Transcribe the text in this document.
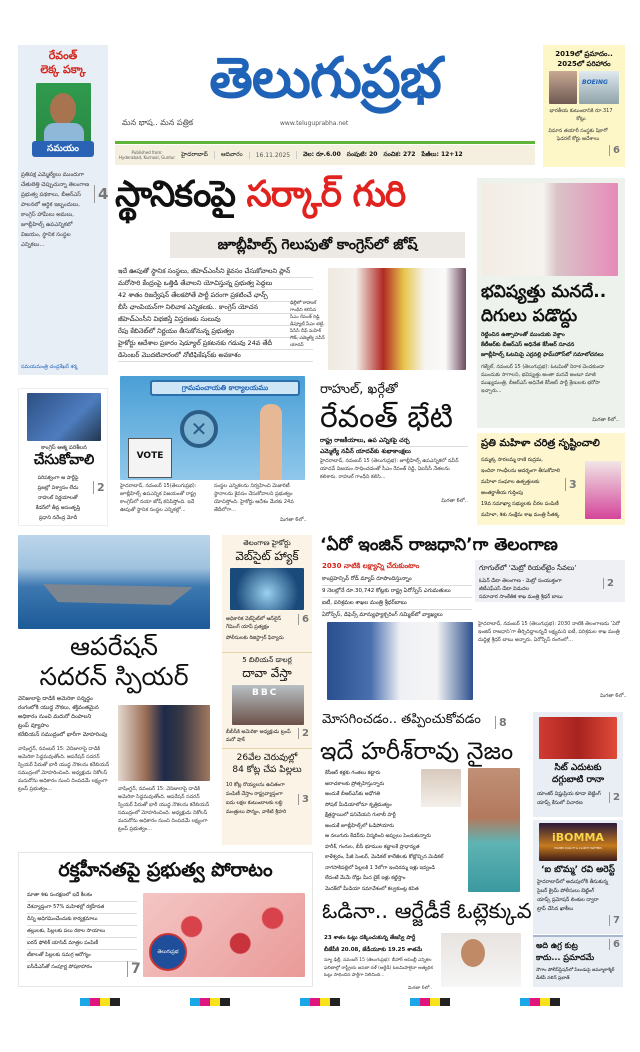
రేవంత్
లెక్క పక్కా
సమయం
ప్రతిపక్ష ఎమ్మెల్యేలు ముందుగా చేతులెత్తి చెప్పుచున్నా తెలంగాణ ప్రభుత్వ పథకాలు, బీఆర్ఎస్ పాలనలో ఆర్థిక ఇబ్బందులు, కాంగ్రెస్ హామీలు అమలు, జూబ్లీహిల్స్ ఉపఎన్నికలో విజయం, స్థానిక సంస్థల ఎన్నికలు...
4
సమయమంత్రి చంద్రశేఖర్ శర్మ
తెలుగుప్రభ
మన భాష.. మన పత్రిక	www.teluguprabha.net
Published from:
Hyderabad, Kurnool, Guntur హైదరాబాద్	ఆదివారం	16.11.2025	వెల: రూ.6.00 సంపుటి: 20 సంచిక: 272 పేజీలు: 12+12
2019లో ప్రమాదం..
2025లో పరిహారం
BOEING
భారతీయ కుటుంబానికి రూ.317 కోట్లు
విమాన తయారీ సంస్థకు షికాగో ఫెడరల్ కోర్టు ఆదేశాలు
6
స్థానికంపై సర్కార్ గురి
జూబ్లీహిల్స్ గెలుపుతో కాంగ్రెస్‌లో జోష్
ఇదే ఊపుతో స్థానిక సంస్థలు, జీహెచ్ఎంసీని కైవసం చేసుకోవాలని ప్లాన్
మరోసారి కేంద్రంపై ఒత్తిడి తేవాలని యోచిస్తున్న ప్రభుత్వ పెద్దలు
42 శాతం రిజర్వేషన్ తేలకపోతే పార్టీ పరంగా ప్రకటించే ఛాన్స్
బీసీ ఛాంపియన్‌గా నిలిచాక ఎన్నికలకు.. కాంగ్రెస్ యోచన
జీహెచ్ఎంసీని విభజిస్తే విస్తరణకు సులువు
రేపు కేబినెట్‌లో నిర్ణయం తీసుకోనున్న ప్రభుత్వం
హైకోర్టు ఆదేశాల ప్రకారం షెడ్యూల్ ప్రకటనకు గడువు 24వ తేదీ
డిసెంబర్ మొదటివారంలో నోటిఫికేషన్‌కు అవకాశం
ఢిల్లీలో రాహుల్ గాంధీని కలిసిన సీఎం రేవంత్ రెడ్డి, డిప్యూటీ సీఎం భట్టి, పీసీసీ చీఫ్ మహేశ్ గౌడ్, ఎమ్మెల్యే నవీన్ యాదవ్
భవిష్యత్తు మనదే..
దిగులు పడొద్దు
రెట్టించిన ఉత్సాహంతో ముందుకు వెళ్దాం
కేటీఆర్‌కు బీఆర్ఎస్ అధినేత కేసీఆర్ సూచన
జూబ్లీహిల్స్ ఓటమిపై ఎర్రవల్లి ఫామ్‌హౌస్‌లో సమాలోచనలు
గజ్వేల్, నవంబర్ 15 (తెలుగుప్రభ): ఓటమితో నిరాశ చెందకుండా ముందుకు సాగాలని, భవిష్యత్తు అంతా మనదే అంటూ మాజీ ముఖ్యమంత్రి, బీఆర్ఎస్ అధినేత కేసీఆర్ పార్టీ శ్రేణులకు భరోసా ఇచ్చారు...
మిగతా 6లో..
ప్రతి మహిళా చరిత్ర సృష్టించాలి
సమ్మక్క సారలమ్మ రాణి రుద్రమ,
ఇందిరా గాంధీలను ఆదర్శంగా తీసుకోవాలి
మహిళా సంఘాల ఉత్పత్తులకు
అంతర్జాతీయ గుర్తింపు
19వ సమాఖ్యా సభ్యులకు చీరల పంపిణీ
మహిళా, శిశు సంక్షేమ శాఖ మంత్రి సీతక్క
3
కాంగ్రెస్ ఆత్మ పరిశీలన
చేసుకోవాలి
పరిపక్వంగా ఆ పార్టీపై
ప్రజల్లో విశ్వాసం లేదు
రాహుల్ నిర్ణయాలతో
కేడర్‌లో తీవ్ర అసంతృప్తి
ప్రధాని నరేంద్ర మోదీ
2
గ్రామపంచాయతి కార్యాలయము
VOTE
✕
హైదరాబాద్, నవంబర్ 15(తెలుగుప్రభ): జూబ్లీహిల్స్ ఉపఎన్నిక విజయంతో రాష్ట్ర కాంగ్రెస్‌లో నయా జోష్ కనిపిస్తోంది. ఇదే ఊపుతో స్థానిక సంస్థల ఎన్నికల్లో...
సంస్థల ఎన్నికలను నిర్వహించి మెజారిటీ స్థానాలను కైవసం చేసుకోవాలని ప్రభుత్వం యోచిస్తోంది. హైకోర్టు ఆదేశం మేరకు 24వ తేదీలోగా...
మిగతా 6లో..
రాహుల్, ఖర్గేతో
రేవంత్ భేటి
రాష్ట్ర రాజకీయాలు, ఉప ఎన్నికపై చర్చ
ఎమ్మెల్యే నవీన్ యాదవ్‌కు శుభాకాంక్షలు
హైదరాబాద్, నవంబర్ 15 (తెలుగుప్రభ): జూబ్లీహిల్స్ ఉపఎన్నికలో నవీన్ యాదవ్ విజయం సాధించడంతో సీఎం రేవంత్ రెడ్డి, ఏఐసీసీ నేతలను కలిశారు. రాహుల్ గాంధీని కలిసి...
మిగతా 6లో..
ఆపరేషన్
సదరన్ స్పియర్
వెనిజులాపై దాడికి అమెరికా సన్నద్ధం
రంగంలోకి యుద్ధ నౌకలు, శక్తివంతమైన
అధికారం నుంచి మదురో దింపాలని
ట్రంప్ వ్యూహం
కరేబియన్ సముద్రంలో భారీగా మోహరింపు
వాషింగ్టన్, నవంబర్ 15: వెనిజులాపై దాడికి అమెరికా సిద్ధమవుతోంది. ఆపరేషన్ సదరన్ స్పియర్ పేరుతో భారీ యుద్ధ నౌకలను కరేబియన్ సముద్రంలో మోహరించింది. అధ్యక్షుడు నికోలస్ మదురోను అధికారం నుంచి దింపడమే లక్ష్యంగా ట్రంప్ ప్రభుత్వం...	వాషింగ్టన్, నవంబర్ 15: వెనిజులాపై దాడికి అమెరికా సిద్ధమవుతోంది. ఆపరేషన్ సదరన్ స్పియర్ పేరుతో భారీ యుద్ధ నౌకలను కరేబియన్ సముద్రంలో మోహరించింది. అధ్యక్షుడు నికోలస్ మదురోను అధికారం నుంచి దింపడమే లక్ష్యంగా ట్రంప్ ప్రభుత్వం...
తెలంగాణ హైకోర్టు
వెబ్‌సైట్ హ్యాక్
అధికారిక వెబ్‌సైట్‌లో ఆన్‌లైన్ గేమింగ్ యాప్ ప్రత్యక్షం
పోలీసులకు రిజిస్ట్రార్ ఫిర్యాదు
6
5 బిలియన్ డాలర్ల
దావా వేస్తా
BBC
బీబీసీకి అమెరికా అధ్యక్షుడు ట్రంప్ మరో షాక్
2
26వేల చెరువుల్లో
84 కోట్ల చేప పిల్లలు
10 కోట్ల రొయ్యలను ఉచితంగా పంపిణీ చేస్తాం రాష్ట్రవ్యాప్తంగా ఐదు లక్షల కుటుంబాలకు లబ్ధి మంత్రులు పొన్నం, వాకిటి శ్రీహరి
3
‘ఏరో ఇంజిన్ రాజధాని’గా తెలంగాణ
2030 నాటికి లక్ష్యాన్ని చేరుకుంటాం
కాంప్రహెన్సివ్ రోడ్ మ్యాప్ రూపొందిస్తున్నాం
9 నెలల్లోనే రూ.30,742 కోట్లకు రాష్ట్ర ఏరోస్పేస్ ఎగుమతులు
ఐటీ, పరిశ్రమల శాఖల మంత్రి శ్రీధర్‌బాబు
ఏరోస్పేస్, డిఫెన్స్ మాన్యుఫ్యాక్చరింగ్ సమ్మిట్‌లో వ్యాఖ్యలు
గూగుల్‌లో ‘మెట్రో రియల్‌టైం సేవలు’
ఓపెన్ డేటా తెలంగాణ - మెట్రో సంయుక్తంగా
జీటీఎఫ్ఎస్ డేటా విడుదల
సమాచార సాంకేతిక శాఖ మంత్రి శ్రీధర్ బాబు
2
హైదరాబాద్, నవంబర్ 15 (తెలుగుప్రభ): 2030 నాటికి తెలంగాణను ‘ఏరో ఇంజిన్ రాజధాని’గా తీర్చిదిద్దాలన్నదే లక్ష్యమని ఐటీ, పరిశ్రమల శాఖ మంత్రి దుద్దిళ్ల శ్రీధర్ బాబు అన్నారు. ఏరోస్పేస్ రంగంలో...
మిగతా 6లో..
మోసగించడం.. తప్పించుకోవడం	8
ఇదే హరీశ్‌రావు నైజం
కేసీఆర్ కళ్లకు గంతలు కట్టారు
అరాచకాలకు ప్రోత్సహిస్తున్నారు
అందుకే బీఆర్ఎస్‌కు అధోగతి
సోషల్ మీడియాలోనూ కృత్రిమత్వం
క్షేత్రస్థాయిలో పనిచేయని గులాబీ పార్టీ
అందుకే జూబ్లీహిల్స్‌లో ఓడిపోయారు
ఆ నలుగురు కేడర్‌ను విస్మరించి అప్పులు పెంచుకున్నారు
హరీశ్, గంగుల, బీసీ భూముల కబ్జాలకే ప్రాధాన్యత
కాళేశ్వరం, పీజీ సెంటర్, మెడికల్ కాలేజీలకు కోట్లొచ్చిన మెడికల్
నాగసాకిపల్లిలో పిల్లలకి 1 3లోగా ఇందిరమ్మ ఇళ్లు ఇవ్వండి
లేదంటే మేమే రోడ్లు మీద బైక్ ఇళ్లు కట్టిస్తాం
మెదక్‌లో మీడియా సమావేశంలో కల్వకుంట్ల కవిత
సిట్ ఎదుటకు
దగ్గుబాటి రానా
యాంకర్ విష్ణుప్రియ కూడా బెట్టింగ్ యాప్స్ కేసులో విచారణ	2
iBOMMA
HIGHER QUALITY & CLARITY MATTERS
‘ఐ బొమ్మ’ రవి అరెస్ట్
హైదరాబాద్‌లో అదుపులోకి తీసుకున్న సైబర్ క్రైమ్ పోలీసులు బెట్టింగ్ యాప్స్ ప్రమోషన్ లింకుల ద్వారా ట్రాప్ చేసిన ఖాకీలు
7
అది ఉగ్ర కుట్ర
కాదు... ప్రమాదమే
నౌగాం పోలీస్‌స్టేషన్‌లో పేలుడుపై జమ్మూకాశ్మీర్ డీజీపీ నళిన్ ప్రభాత్
6
రక్తహీనతపై ప్రభుత్వ పోరాటం
మాతా శిశు సంరక్షణలో ఇదే కీలకం
దేశవ్యాప్తంగా 57% మహిళల్లో రక్తహీనత
దీన్ని అధిగమించేందుకు కార్యక్రమాలు
తల్లులకు, పిల్లలకు పలు రకాల సాయాలు
ఐరన్ ఫోలిక్ యాసిడ్ మాత్రల పంపిణీ
టీకాలతో పిల్లలకు సమగ్ర ఆరోగ్యం
ఐసీడీఎస్‌తో సంపూర్ణ పోషకాహారం	7
తెలుగుప్రభ
ఓడినా.. ఆర్జేడీకే ఓట్లెక్కువ
23 శాతం ఓట్లు దక్కించుకున్న తేజస్వి పార్టీ
బీజేపీకి 20.08, జేడీయూకు 19.25 శాతమే
న్యూ ఢిల్లీ, నవంబర్ 15 (తెలుగుప్రభ): బీహార్ అసెంబ్లీ ఎన్నికల ఫలితాల్లో రాష్ట్రీయ జనతా దళ్ (ఆర్జేడీ) ఓటమిపాలైనా అత్యధిక ఓట్లు సాధించిన పార్టీగా నిలిచింది...
మిగతా 6లో..
